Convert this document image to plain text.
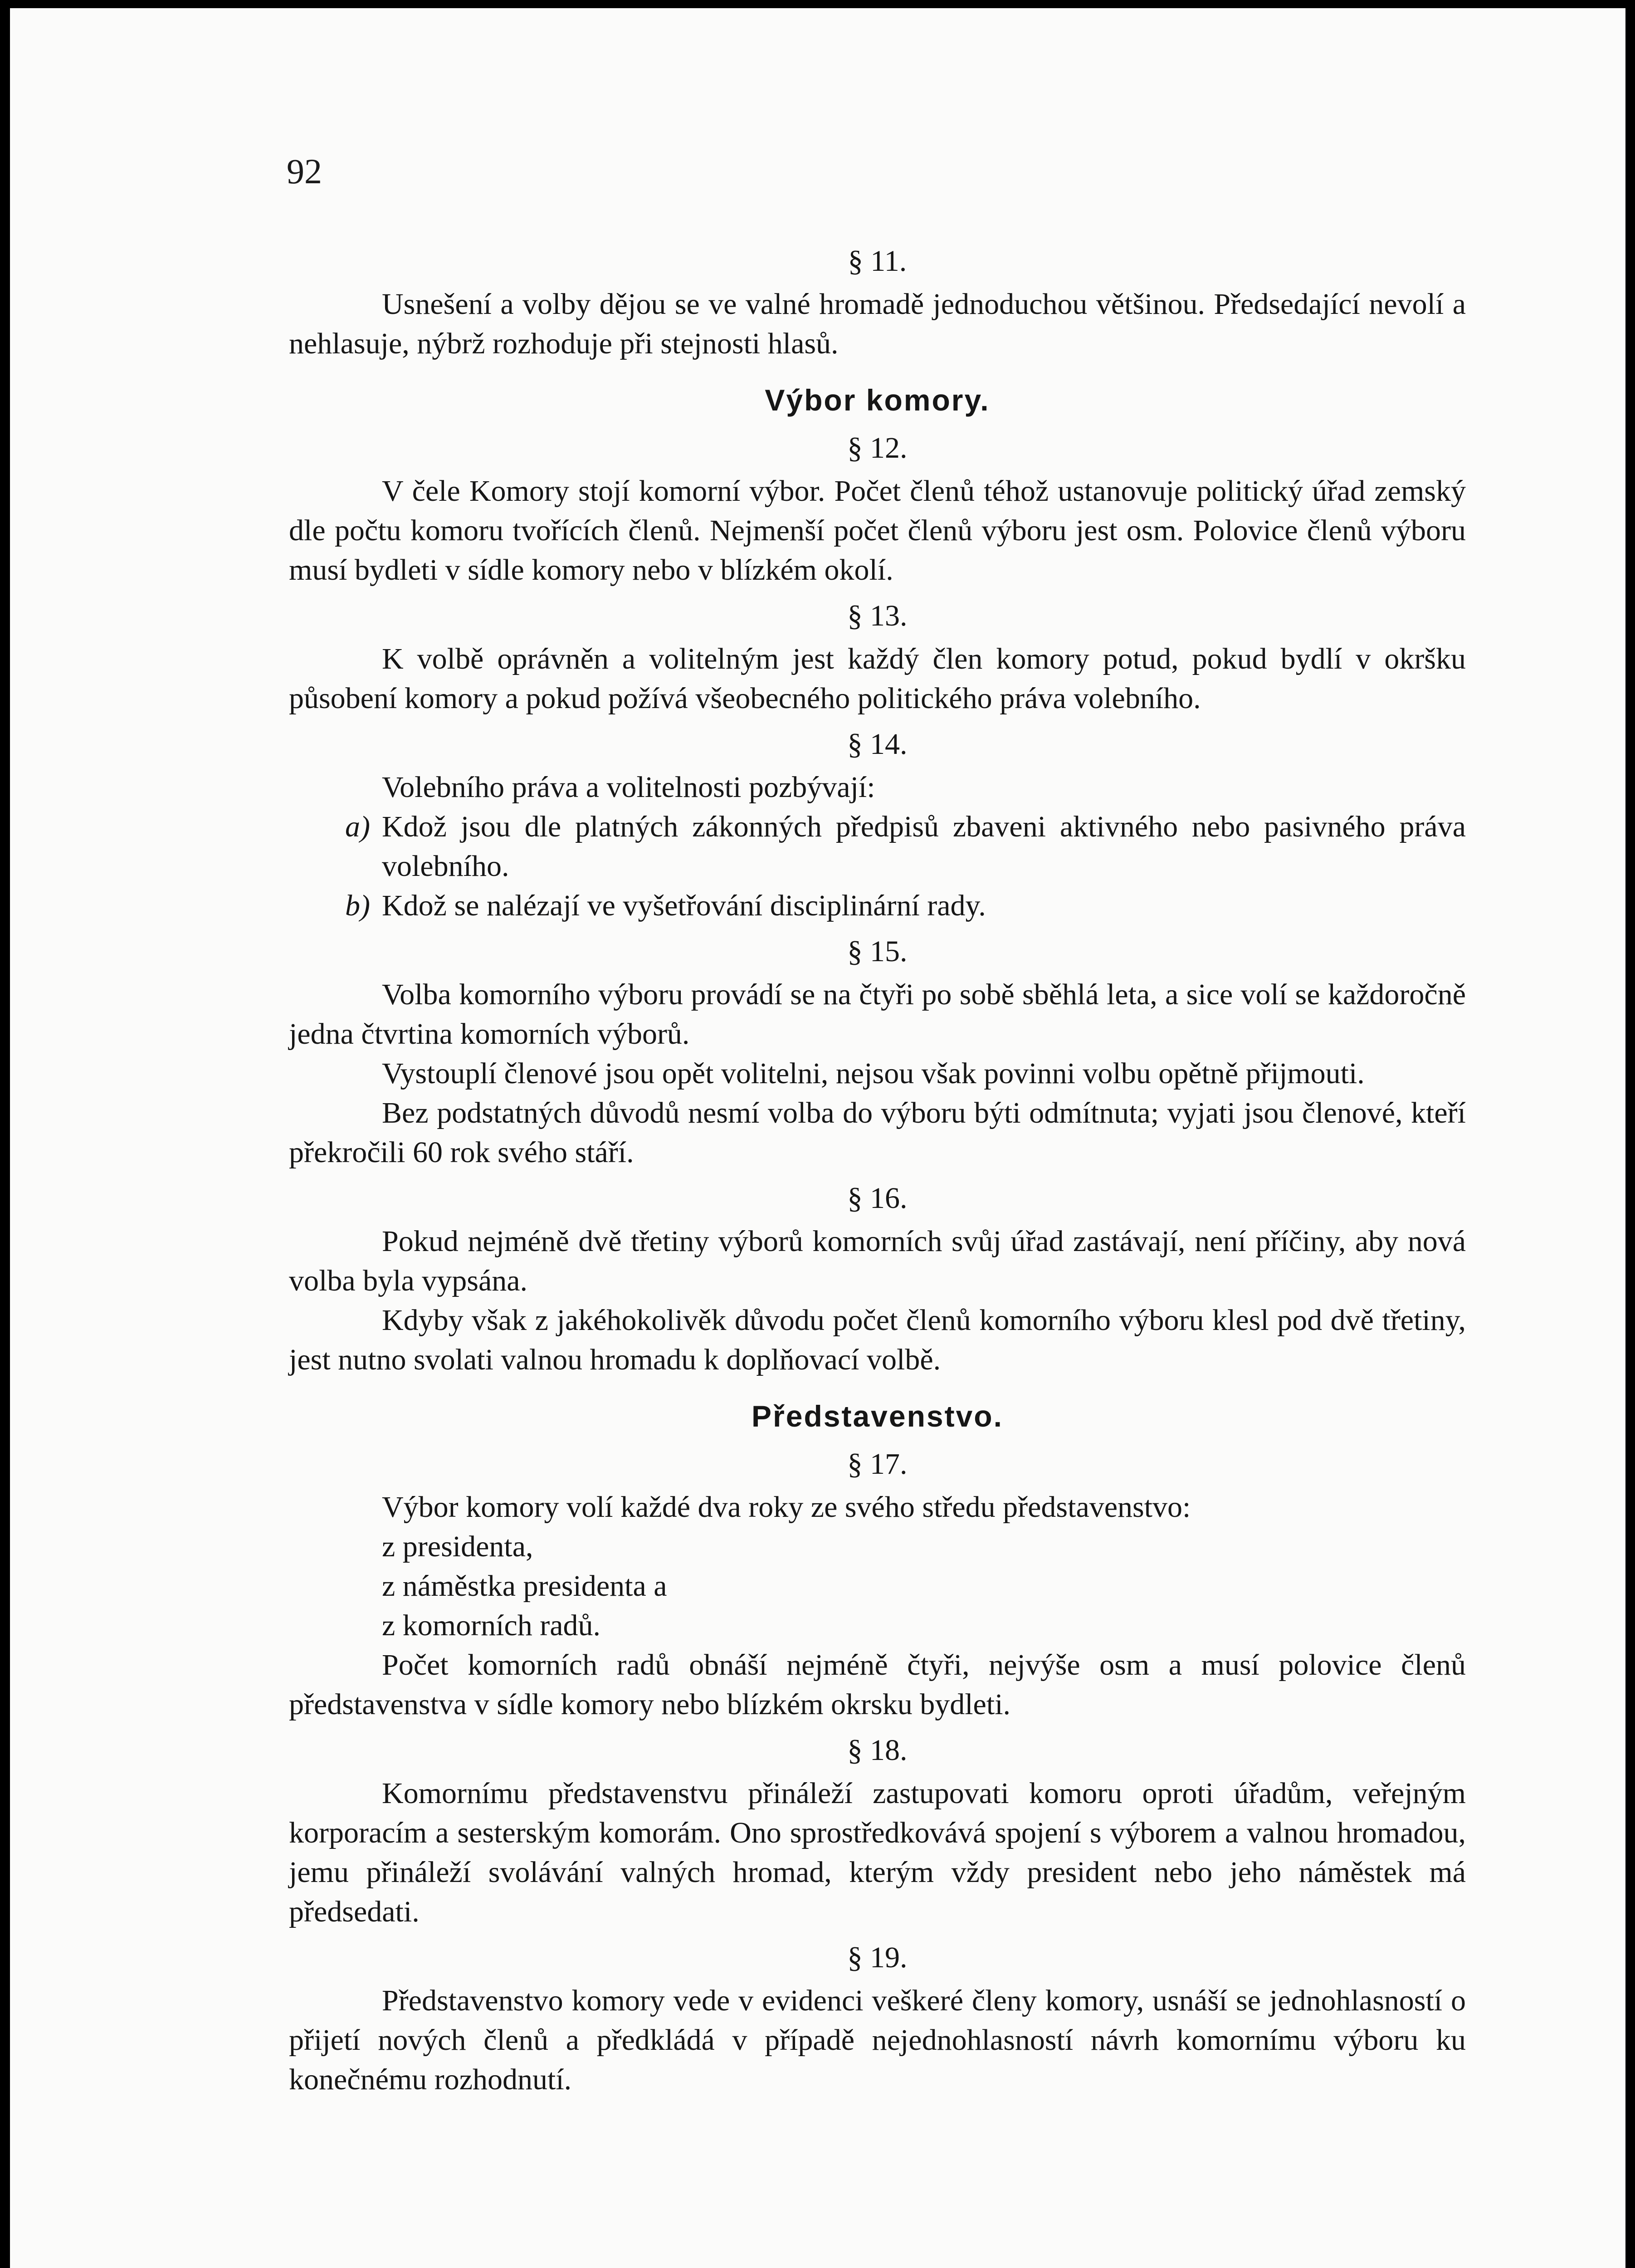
92
§ 11.

Usnešení a volby dějou se ve valné hromadě jednoduchou většinou. Předsedající nevolí a nehlasuje, nýbrž rozhoduje při stejnosti hlasů.

Výbor komory.
§ 12.

V čele Komory stojí komorní výbor. Počet členů téhož ustanovuje politický úřad zemský dle počtu komoru tvořících členů. Nejmenší počet členů výboru jest osm. Polovice členů výboru musí bydleti v sídle komory nebo v blízkém okolí.

§ 13.

K volbě oprávněn a volitelným jest každý člen komory potud, pokud bydlí v okršku působení komory a pokud požívá všeobecného politického práva volebního.

§ 14.

Volebního práva a volitelnosti pozbývají:

a) Kdož jsou dle platných zákonných předpisů zbaveni aktivného nebo pasivného práva volebního.
b) Kdož se nalézají ve vyšetřování disciplinární rady.
§ 15.

Volba komorního výboru provádí se na čtyři po sobě sběhlá leta, a sice volí se každoročně jedna čtvrtina komorních výborů.

Vystouplí členové jsou opět volitelni, nejsou však povinni volbu opětně přijmouti.

Bez podstatných důvodů nesmí volba do výboru býti odmítnuta; vyjati jsou členové, kteří překročili 60 rok svého stáří.

§ 16.

Pokud nejméně dvě třetiny výborů komorních svůj úřad zastávají, není příčiny, aby nová volba byla vypsána.

Kdyby však z jakéhokolivěk důvodu počet členů komorního výboru klesl pod dvě třetiny, jest nutno svolati valnou hromadu k doplňovací volbě.

Představenstvo.
§ 17.

Výbor komory volí každé dva roky ze svého středu představenstvo:

z presidenta,

z náměstka presidenta a

z komorních radů.

Počet komorních radů obnáší nejméně čtyři, nejvýše osm a musí polovice členů představenstva v sídle komory nebo blízkém okrsku bydleti.

§ 18.

Komornímu představenstvu přináleží zastupovati komoru oproti úřadům, veřejným korporacím a sesterským komorám. Ono sprostředkovává spojení s výborem a valnou hromadou, jemu přináleží svolávání valných hromad, kterým vždy president nebo jeho náměstek má předsedati.

§ 19.

Představenstvo komory vede v evidenci veškeré členy komory, usnáší se jednohlasností o přijetí nových členů a předkládá v případě nejednohlasností návrh komornímu výboru ku konečnému rozhodnutí.
